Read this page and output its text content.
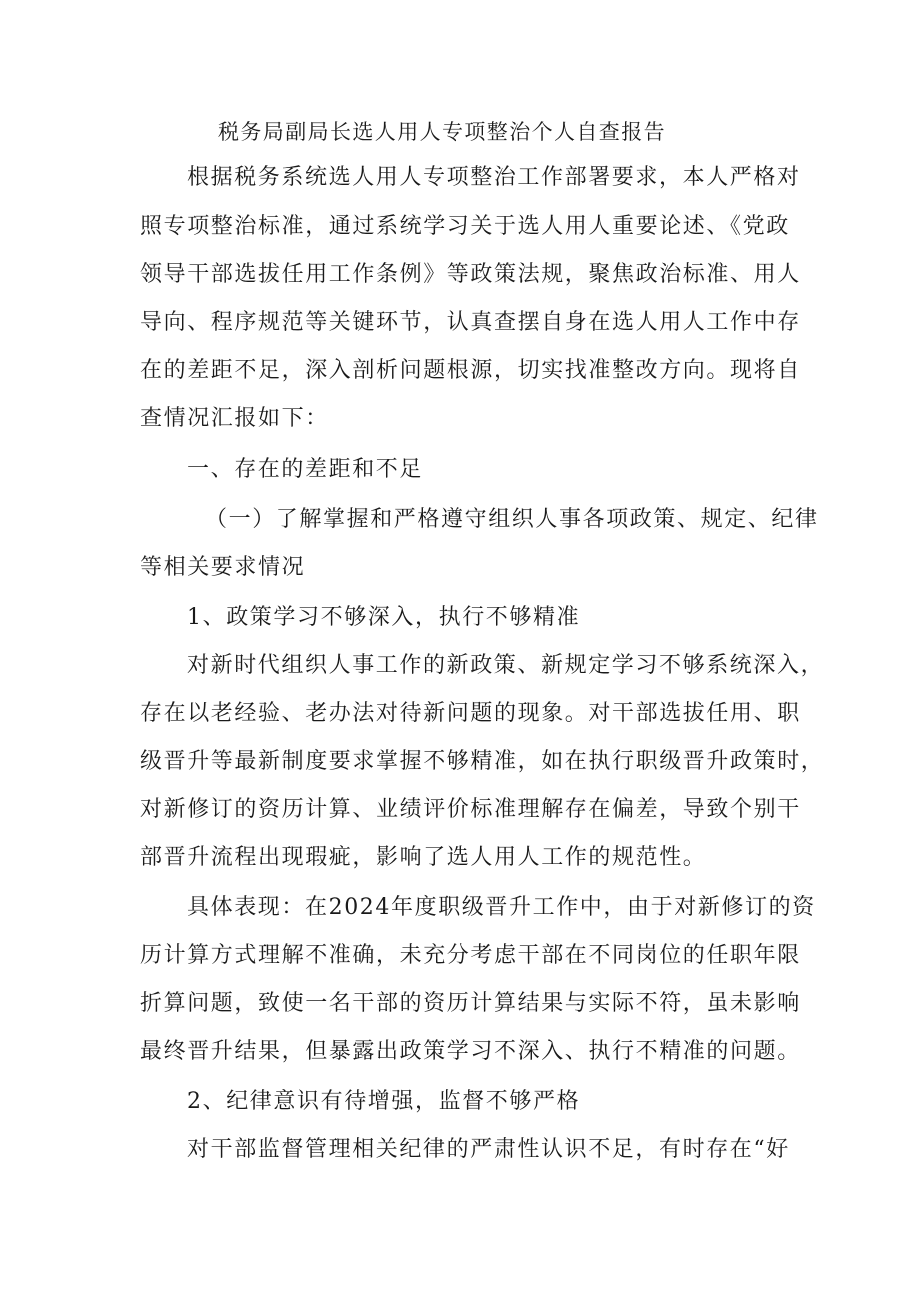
税务局副局长选人用人专项整治个人自查报告
根据税务系统选人用人专项整治工作部署要求，本人严格对
照专项整治标准，通过系统学习关于选人用人重要论述、《党政
领导干部选拔任用工作条例》等政策法规，聚焦政治标准、用人
导向、程序规范等关键环节，认真查摆自身在选人用人工作中存
在的差距不足，深入剖析问题根源，切实找准整改方向。现将自
查情况汇报如下：
一、存在的差距和不足
（一）了解掌握和严格遵守组织人事各项政策、规定、纪律
等相关要求情况
1、政策学习不够深入，执行不够精准
对新时代组织人事工作的新政策、新规定学习不够系统深入，
存在以老经验、老办法对待新问题的现象。对干部选拔任用、职
级晋升等最新制度要求掌握不够精准，如在执行职级晋升政策时，
对新修订的资历计算、业绩评价标准理解存在偏差，导致个别干
部晋升流程出现瑕疵，影响了选人用人工作的规范性。
具体表现：在2024年度职级晋升工作中，由于对新修订的资
历计算方式理解不准确，未充分考虑干部在不同岗位的任职年限
折算问题，致使一名干部的资历计算结果与实际不符，虽未影响
最终晋升结果，但暴露出政策学习不深入、执行不精准的问题。
2、纪律意识有待增强，监督不够严格
对干部监督管理相关纪律的严肃性认识不足，有时存在“好
